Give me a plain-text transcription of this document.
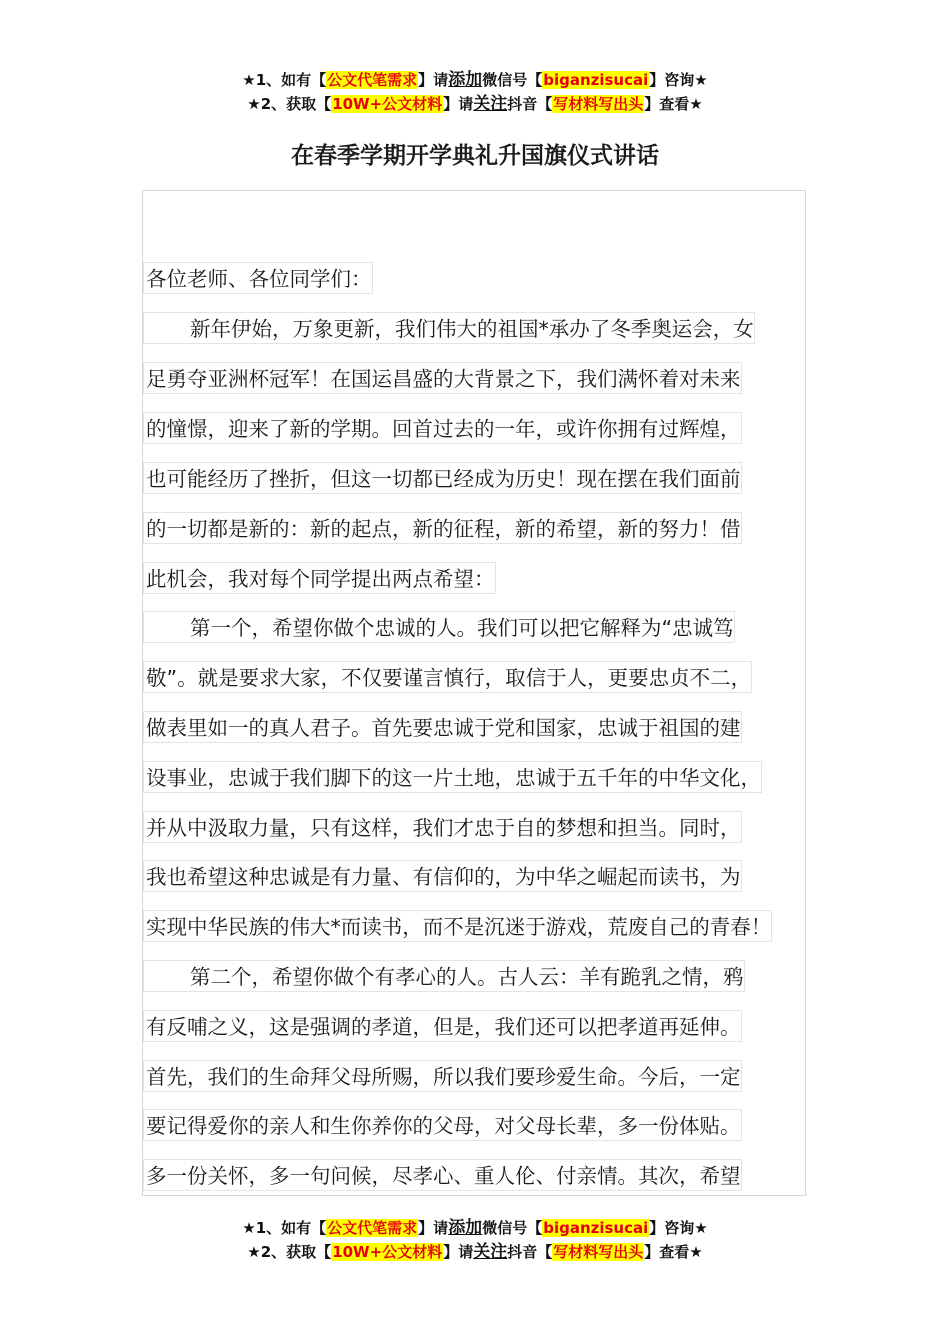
★1、如有【公文代笔需求】请添加微信号【biganzisucai】咨询★
★2、获取【10W+公文材料】请关注抖音【写材料写出头】查看★
在春季学期开学典礼升国旗仪式讲话
各位老师、各位同学们：
新年伊始，万象更新，我们伟大的祖国*承办了冬季奥运会，女
足勇夺亚洲杯冠军！在国运昌盛的大背景之下，我们满怀着对未来
的憧憬，迎来了新的学期。回首过去的一年，或许你拥有过辉煌，
也可能经历了挫折，但这一切都已经成为历史！现在摆在我们面前
的一切都是新的：新的起点，新的征程，新的希望，新的努力！借
此机会，我对每个同学提出两点希望：
第一个，希望你做个忠诚的人。我们可以把它解释为“忠诚笃
敬”。就是要求大家，不仅要谨言慎行，取信于人，更要忠贞不二，
做表里如一的真人君子。首先要忠诚于党和国家，忠诚于祖国的建
设事业，忠诚于我们脚下的这一片土地，忠诚于五千年的中华文化，
并从中汲取力量，只有这样，我们才忠于自的梦想和担当。同时，
我也希望这种忠诚是有力量、有信仰的，为中华之崛起而读书，为
实现中华民族的伟大*而读书，而不是沉迷于游戏，荒废自己的青春！
第二个，希望你做个有孝心的人。古人云：羊有跪乳之情，鸦
有反哺之义，这是强调的孝道，但是，我们还可以把孝道再延伸。
首先，我们的生命拜父母所赐，所以我们要珍爱生命。今后，一定
要记得爱你的亲人和生你养你的父母，对父母长辈，多一份体贴。
多一份关怀，多一句问候，尽孝心、重人伦、付亲情。其次，希望
★1、如有【公文代笔需求】请添加微信号【biganzisucai】咨询★
★2、获取【10W+公文材料】请关注抖音【写材料写出头】查看★
